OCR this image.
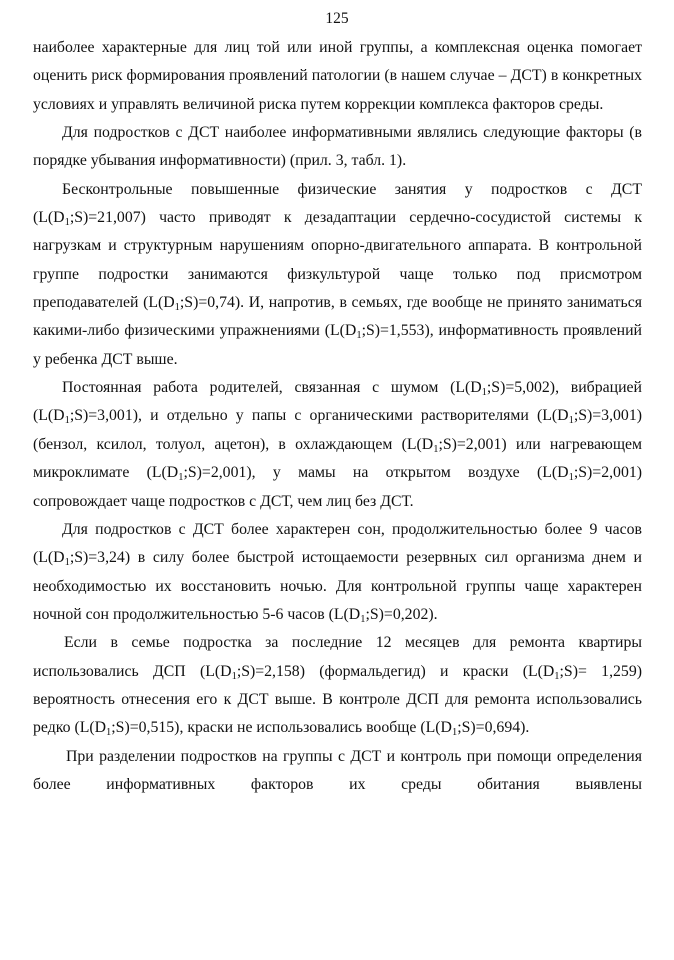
125

наиболее характерные для лиц той или иной группы, а комплексная оценка помогает оценить риск формирования проявлений патологии (в нашем случае – ДСТ) в конкретных условиях и управлять величиной риска путем коррекции комплекса факторов среды.

Для подростков с ДСТ наиболее информативными являлись следующие факторы (в порядке убывания информативности) (прил. 3, табл. 1).

Бесконтрольные повышенные физические занятия у подростков с ДСТ $(L(D_1;S)=21,007)$ часто приводят к дезадаптации сердечно-сосудистой системы к нагрузкам и структурным нарушениям опорно-двигательного аппарата. В контрольной группе подростки занимаются физкультурой чаще только под присмотром преподавателей $(L(D_1;S)=0,74)$. И, напротив, в семьях, где вообще не принято заниматься какими-либо физическими упражнениями $(L(D_1;S)=1,553)$, информативность проявлений у ребенка ДСТ выше.

Постоянная работа родителей, связанная с шумом $(L(D_1;S)=5,002)$, вибрацией $(L(D_1;S)=3,001)$, и отдельно у папы с органическими растворителями $(L(D_1;S)=3,001)$ (бензол, ксилол, толуол, ацетон), в охлаждающем $(L(D_1;S)=2,001)$ или нагревающем микроклимате $(L(D_1;S)=2,001)$, у мамы на открытом воздухе $(L(D_1;S)=2,001)$ сопровождает чаще подростков с ДСТ, чем лиц без ДСТ.

Для подростков с ДСТ более характерен сон, продолжительностью более 9 часов $(L(D_1;S)=3,24)$ в силу более быстрой истощаемости резервных сил организма днем и необходимостью их восстановить ночью. Для контрольной группы чаще характерен ночной сон продолжительностью 5-6 часов $(L(D_1;S)=0,202)$.

Если в семье подростка за последние 12 месяцев для ремонта квартиры использовались ДСП $(L(D_1;S)=2,158)$ (формальдегид) и краски $(L(D_1;S)= 1,259)$ вероятность отнесения его к ДСТ выше. В контроле ДСП для ремонта использовались редко $(L(D_1;S)=0,515)$, краски не использовались вообще $(L(D_1;S)=0,694)$.

При разделении подростков на группы с ДСТ и контроль при помощи определения более информативных факторов их среды обитания выявлены
